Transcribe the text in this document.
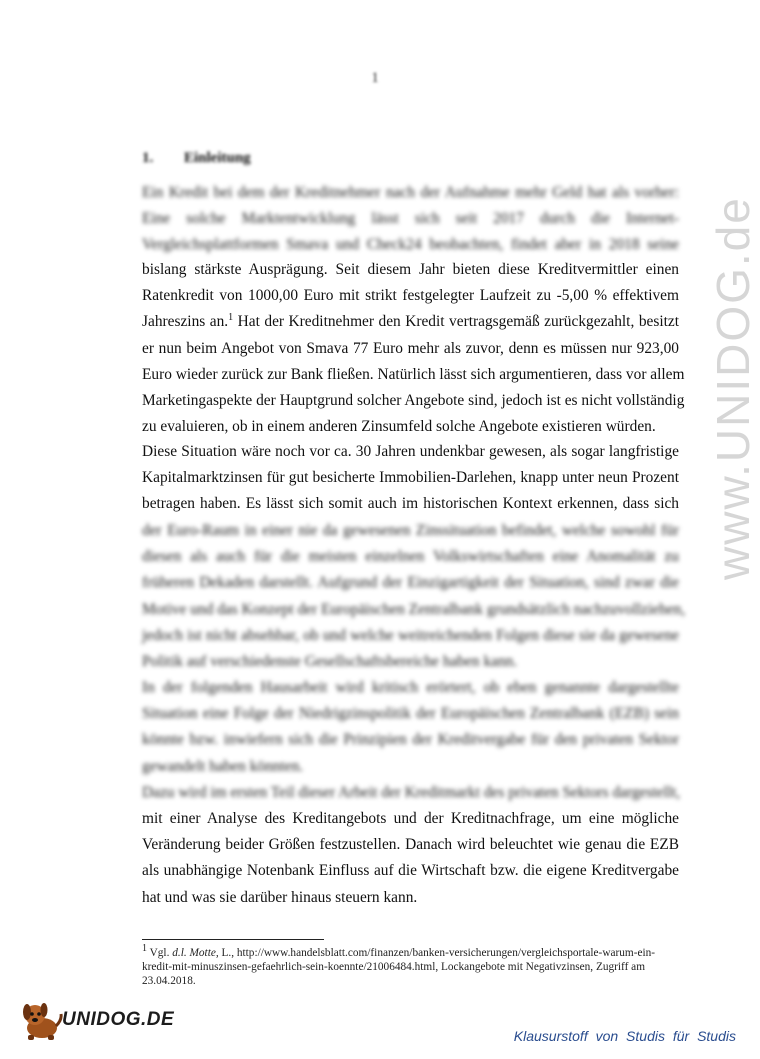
1
1. Einleitung
Ein Kredit bei dem der Kreditnehmer nach der Aufnahme mehr Geld hat als vorher:
Eine solche Marktentwicklung lässt sich seit 2017 durch die Internet-
Vergleichsplattformen Smava und Check24 beobachten, findet aber in 2018 seine
bislang stärkste Ausprägung. Seit diesem Jahr bieten diese Kreditvermittler einen
Ratenkredit von 1000,00 Euro mit strikt festgelegter Laufzeit zu -5,00 % effektivem
Jahreszins an.$^1$ Hat der Kreditnehmer den Kredit vertragsgemäß zurückgezahlt, besitzt
er nun beim Angebot von Smava 77 Euro mehr als zuvor, denn es müssen nur 923,00
Euro wieder zurück zur Bank fließen. Natürlich lässt sich argumentieren, dass vor allem
Marketingaspekte der Hauptgrund solcher Angebote sind, jedoch ist es nicht vollständig
zu evaluieren, ob in einem anderen Zinsumfeld solche Angebote existieren würden.
Diese Situation wäre noch vor ca. 30 Jahren undenkbar gewesen, als sogar langfristige
Kapitalmarktzinsen für gut besicherte Immobilien-Darlehen, knapp unter neun Prozent
betragen haben. Es lässt sich somit auch im historischen Kontext erkennen, dass sich
der Euro-Raum in einer nie da gewesenen Zinssituation befindet, welche sowohl für
diesen als auch für die meisten einzelnen Volkswirtschaften eine Anomalität zu
früheren Dekaden darstellt. Aufgrund der Einzigartigkeit der Situation, sind zwar die
Motive und das Konzept der Europäischen Zentralbank grundsätzlich nachzuvollziehen,
jedoch ist nicht absehbar, ob und welche weitreichenden Folgen diese sie da gewesene
Politik auf verschiedenste Gesellschaftsbereiche haben kann.
In der folgenden Hausarbeit wird kritisch erörtert, ob eben genannte dargestellte
Situation eine Folge der Niedrigzinspolitik der Europäischen Zentralbank (EZB) sein
könnte bzw. inwiefern sich die Prinzipien der Kreditvergabe für den privaten Sektor
gewandelt haben könnten.
Dazu wird im ersten Teil dieser Arbeit der Kreditmarkt des privaten Sektors dargestellt,
mit einer Analyse des Kreditangebots und der Kreditnachfrage, um eine mögliche
Veränderung beider Größen festzustellen. Danach wird beleuchtet wie genau die EZB
als unabhängige Notenbank Einfluss auf die Wirtschaft bzw. die eigene Kreditvergabe
hat und was sie darüber hinaus steuern kann.
$^1$ Vgl. d.l. Motte, L., http://www.handelsblatt.com/finanzen/banken-versicherungen/vergleichsportale-warum-ein-
kredit-mit-minuszinsen-gefaehrlich-sein-koennte/21006484.html, Lockangebote mit Negativzinsen, Zugriff am
23.04.2018.
www.UNIDOG.de
UNIDOG.DE
Klausurstoff von Studis für Studis
